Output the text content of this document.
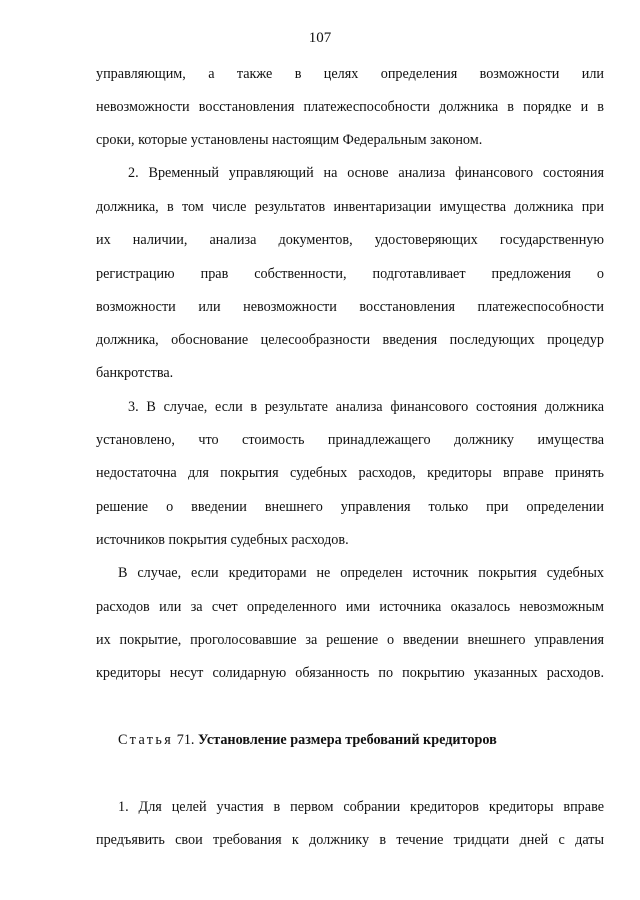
107
управляющим, а также в целях определения возможности или
невозможности восстановления платежеспособности должника в порядке и в
сроки, которые установлены настоящим Федеральным законом.
2. Временный управляющий на основе анализа финансового состояния
должника, в том числе результатов инвентаризации имущества должника при
их наличии, анализа документов, удостоверяющих государственную
регистрацию прав собственности, подготавливает предложения о
возможности или невозможности восстановления платежеспособности
должника, обоснование целесообразности введения последующих процедур
банкротства.
3. В случае, если в результате анализа финансового состояния должника
установлено, что стоимость принадлежащего должнику имущества
недостаточна для покрытия судебных расходов, кредиторы вправе принять
решение о введении внешнего управления только при определении
источников покрытия судебных расходов.
В случае, если кредиторами не определен источник покрытия судебных
расходов или за счет определенного ими источника оказалось невозможным
их покрытие, проголосовавшие за решение о введении внешнего управления
кредиторы несут солидарную обязанность по покрытию указанных расходов.
Статья 71. Установление размера требований кредиторов
1. Для целей участия в первом собрании кредиторов кредиторы вправе
предъявить свои требования к должнику в течение тридцати дней с даты
